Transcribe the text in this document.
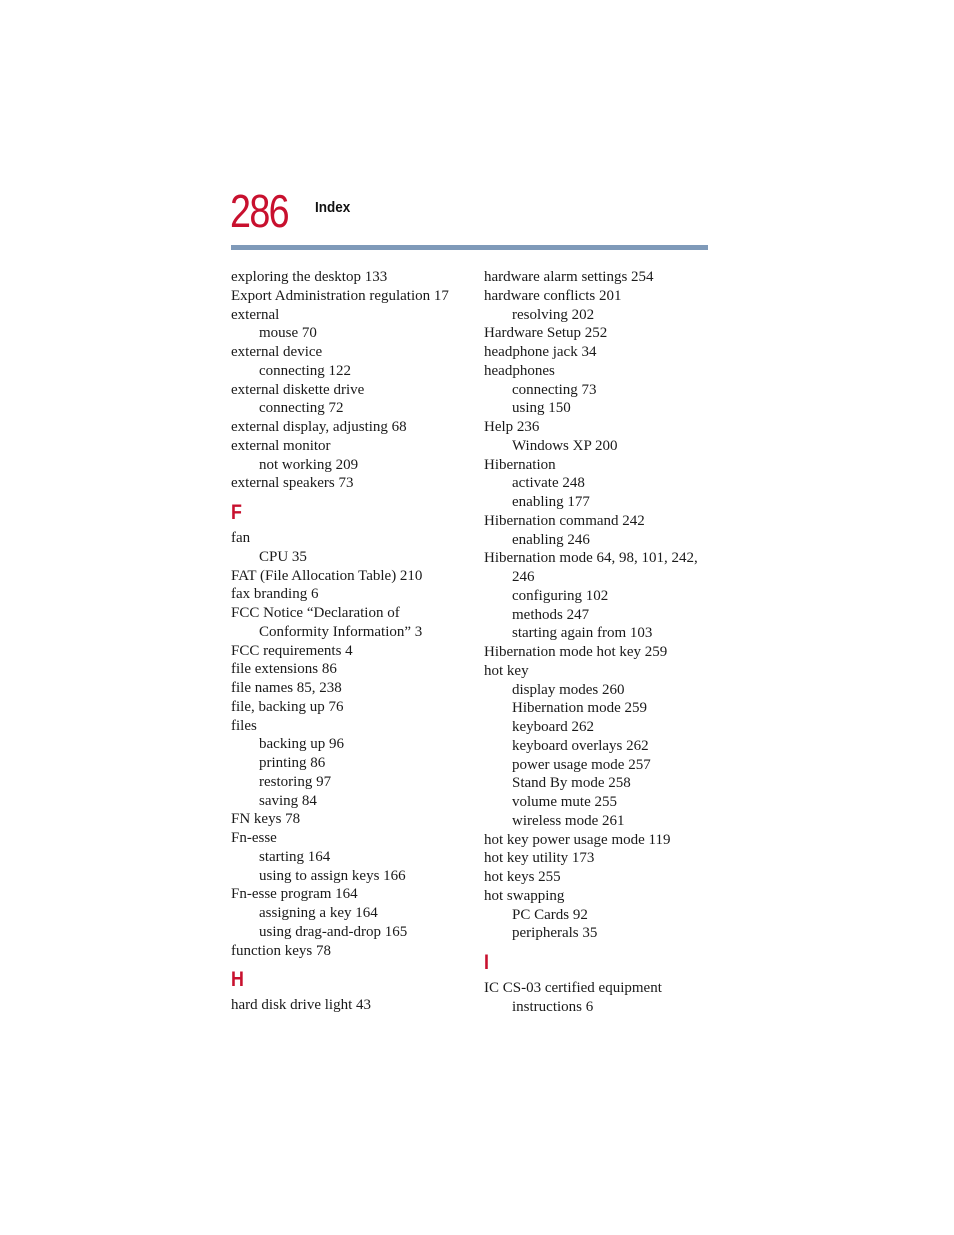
286 Index
exploring the desktop 133
Export Administration regulation 17
external
mouse 70
external device
connecting 122
external diskette drive
connecting 72
external display, adjusting 68
external monitor
not working 209
external speakers 73
F
fan
CPU 35
FAT (File Allocation Table) 210
fax branding 6
FCC Notice “Declaration of
Conformity Information” 3
FCC requirements 4
file extensions 86
file names 85, 238
file, backing up 76
files
backing up 96
printing 86
restoring 97
saving 84
FN keys 78
Fn-esse
starting 164
using to assign keys 166
Fn-esse program 164
assigning a key 164
using drag-and-drop 165
function keys 78
H
hard disk drive light 43
hardware alarm settings 254
hardware conflicts 201
resolving 202
Hardware Setup 252
headphone jack 34
headphones
connecting 73
using 150
Help 236
Windows XP 200
Hibernation
activate 248
enabling 177
Hibernation command 242
enabling 246
Hibernation mode 64, 98, 101, 242,
246
configuring 102
methods 247
starting again from 103
Hibernation mode hot key 259
hot key
display modes 260
Hibernation mode 259
keyboard 262
keyboard overlays 262
power usage mode 257
Stand By mode 258
volume mute 255
wireless mode 261
hot key power usage mode 119
hot key utility 173
hot keys 255
hot swapping
PC Cards 92
peripherals 35
I
IC CS-03 certified equipment
instructions 6
